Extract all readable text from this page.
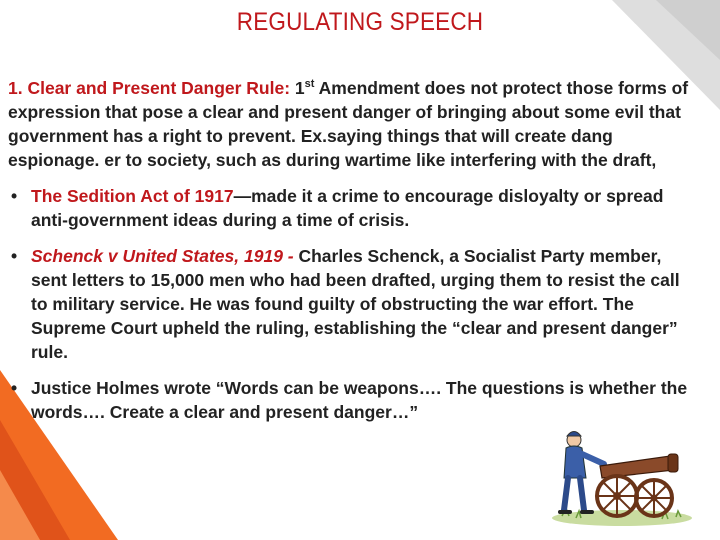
REGULATING SPEECH

1. Clear and Present Danger Rule: 1st Amendment does not protect those forms of expression that pose a clear and present danger of bringing about some evil that government has a right to prevent. Ex.saying things that will create dang espionage. er to society, such as during wartime like interfering with the draft,

• The Sedition Act of 1917—made it a crime to encourage disloyalty or spread anti-government ideas during a time of crisis.
• Schenck v United States, 1919 - Charles Schenck, a Socialist Party member, sent letters to 15,000 men who had been drafted, urging them to resist the call to military service. He was found guilty of obstructing the war effort. The Supreme Court upheld the ruling, establishing the “clear and present danger” rule.
• Justice Holmes wrote “Words can be weapons…. The questions is whether the words…. Create a clear and present danger…”
